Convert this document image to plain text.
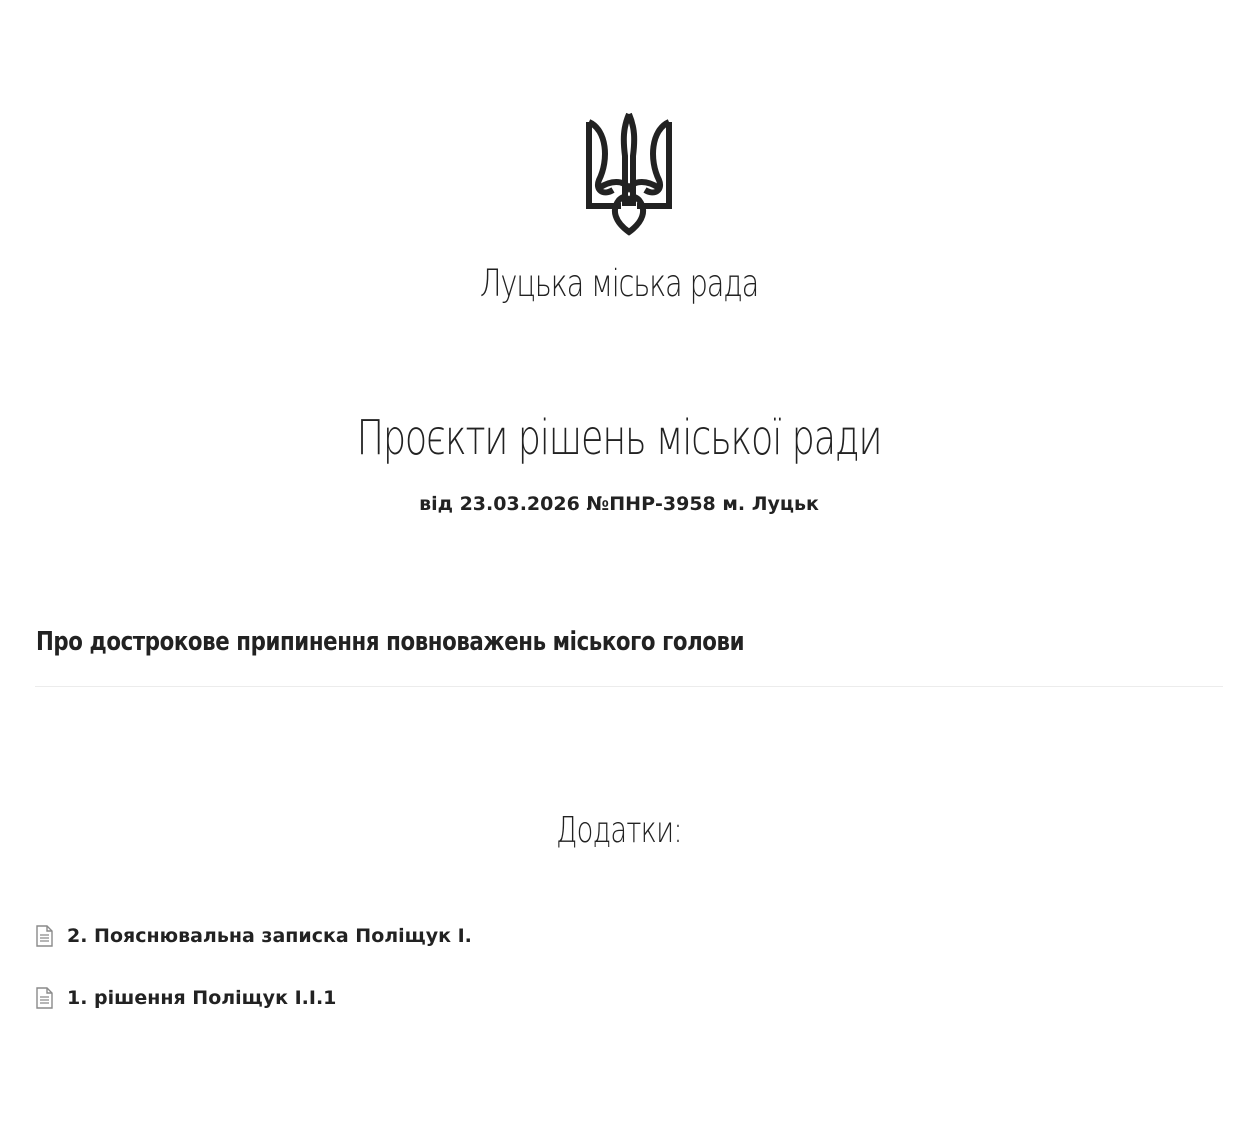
Луцька міська рада
Проєкти рішень міської ради
від 23.03.2026 №ПНР-3958 м. Луцьк
Про дострокове припинення повноважень міського голови
Додатки:
2. Пояснювальна записка Поліщук І.
1. рішення Поліщук І.І.1
